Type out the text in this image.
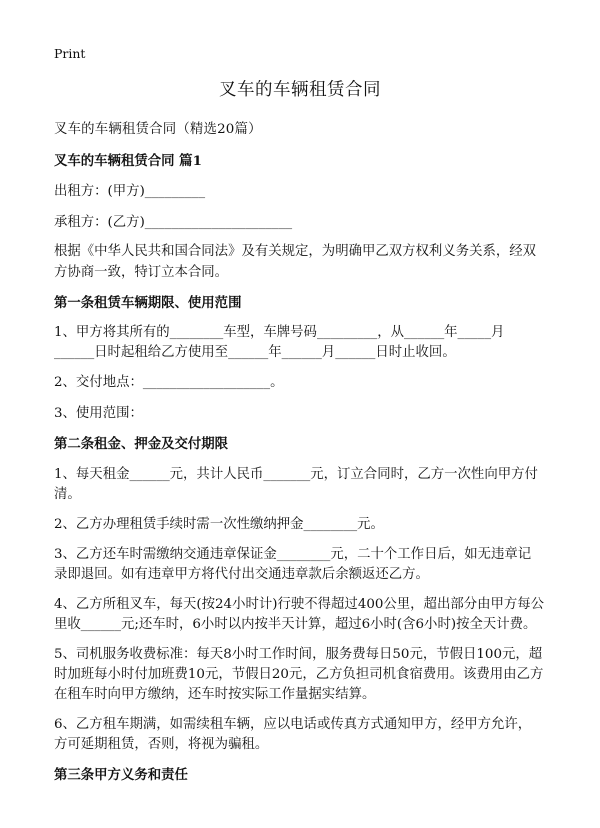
Print
叉车的车辆租赁合同
叉车的车辆租赁合同（精选20篇）
叉车的车辆租赁合同 篇1
出租方：(甲方)_________
承租方：(乙方)______________________
根据《中华人民共和国合同法》及有关规定，为明确甲乙双方权利义务关系，经双
方协商一致，特订立本合同。
第一条租赁车辆期限、使用范围
1、甲方将其所有的________车型，车牌号码_________，从______年_____月
______日时起租给乙方使用至______年______月______日时止收回。
2、交付地点：___________________。
3、使用范围：
第二条租金、押金及交付期限
1、每天租金______元，共计人民币_______元，订立合同时，乙方一次性向甲方付
清。
2、乙方办理租赁手续时需一次性缴纳押金________元。
3、乙方还车时需缴纳交通违章保证金________元，二十个工作日后，如无违章记
录即退回。如有违章甲方将代付出交通违章款后余额返还乙方。
4、乙方所租叉车，每天(按24小时计)行驶不得超过400公里，超出部分由甲方每公
里收______元;还车时，6小时以内按半天计算，超过6小时(含6小时)按全天计费。
5、司机服务收费标准：每天8小时工作时间，服务费每日50元，节假日100元，超
时加班每小时付加班费10元，节假日20元，乙方负担司机食宿费用。该费用由乙方
在租车时向甲方缴纳，还车时按实际工作量据实结算。
6、乙方租车期满，如需续租车辆，应以电话或传真方式通知甲方，经甲方允许，
方可延期租赁，否则，将视为骗租。
第三条甲方义务和责任
